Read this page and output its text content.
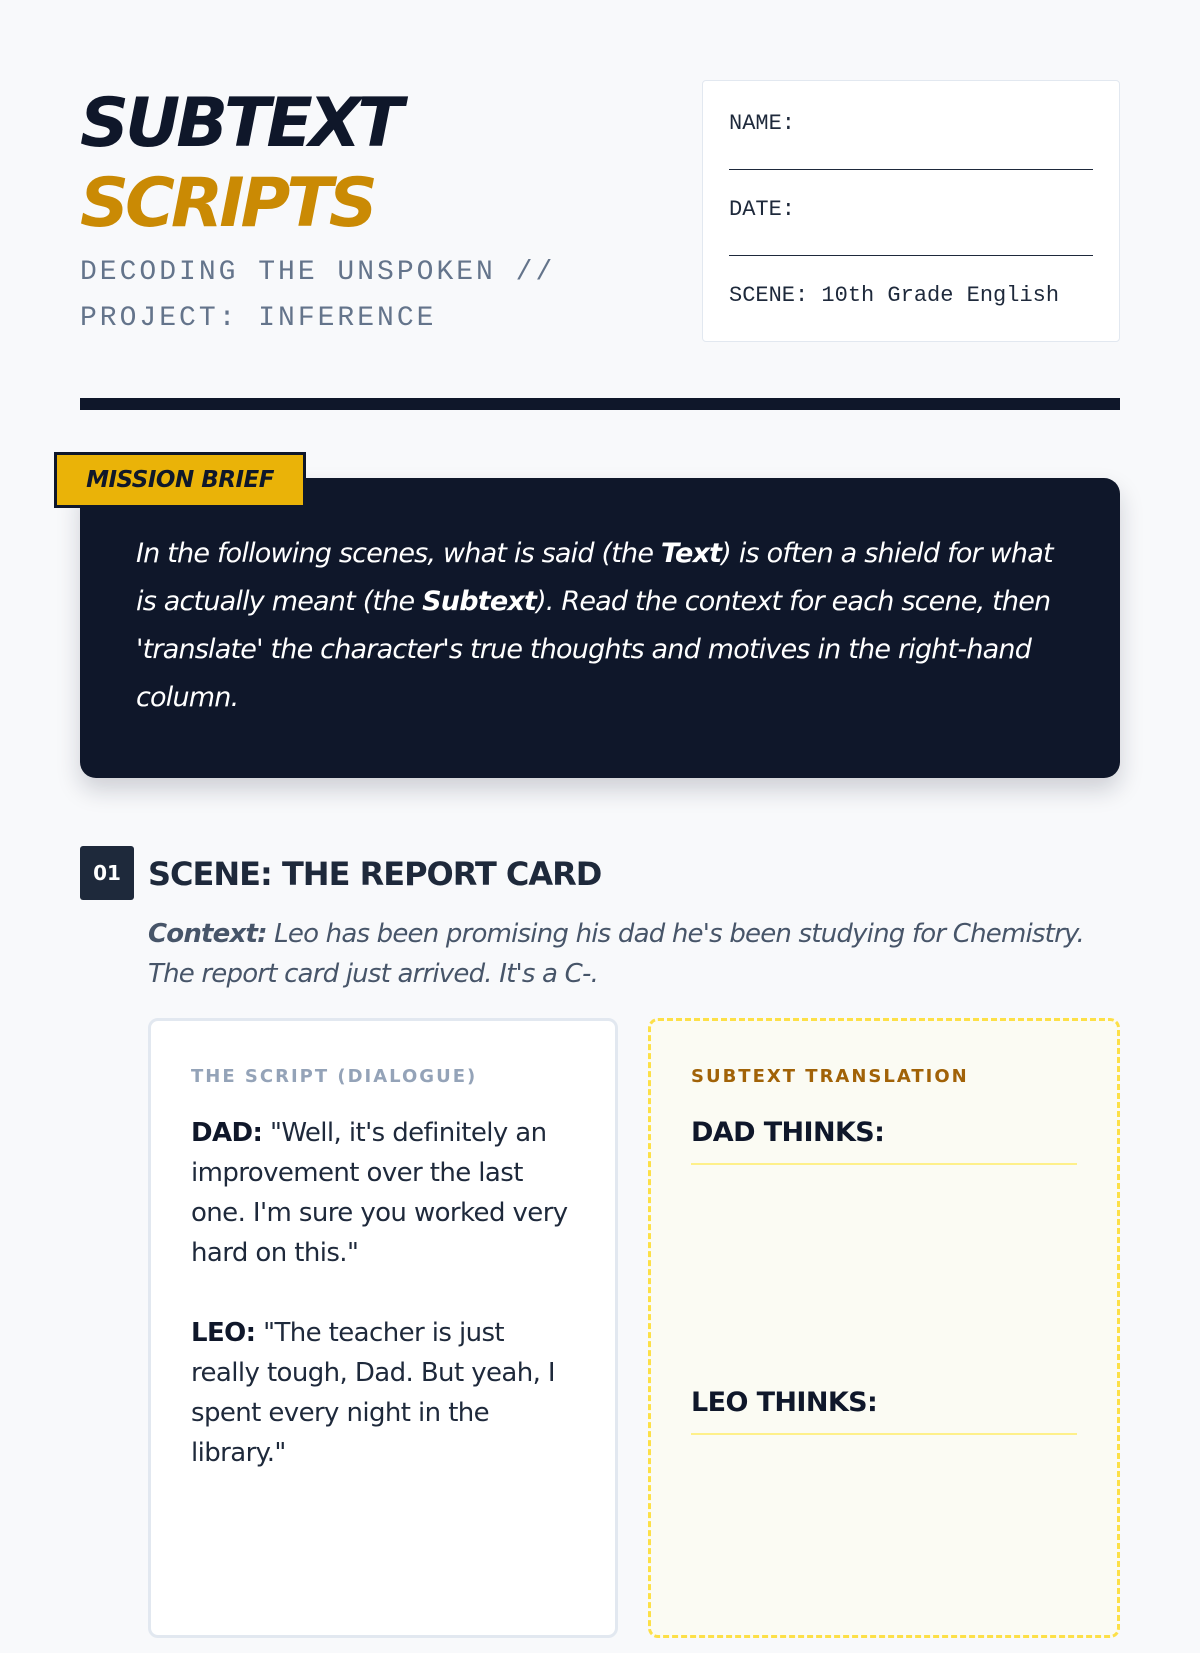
SUBTEXT
SCRIPTS
DECODING THE UNSPOKEN // PROJECT: INFERENCE
NAME:
DATE:
SCENE: 10th Grade English

In the following scenes, what is said (the Text) is often a shield for what is actually meant (the Subtext). Read the context for each scene, then 'translate' the character's true thoughts and motives in the right-hand column.

MISSION BRIEF
01 SCENE: THE REPORT CARD

Context: Leo has been promising his dad he's been studying for Chemistry. The report card just arrived. It's a C-.

THE SCRIPT (DIALOGUE)

DAD: "Well, it's definitely an improvement over the last one. I'm sure you worked very hard on this."

LEO: "The teacher is just really tough, Dad. But yeah, I spent every night in the library."

SUBTEXT TRANSLATION

DAD THINKS:

LEO THINKS:
